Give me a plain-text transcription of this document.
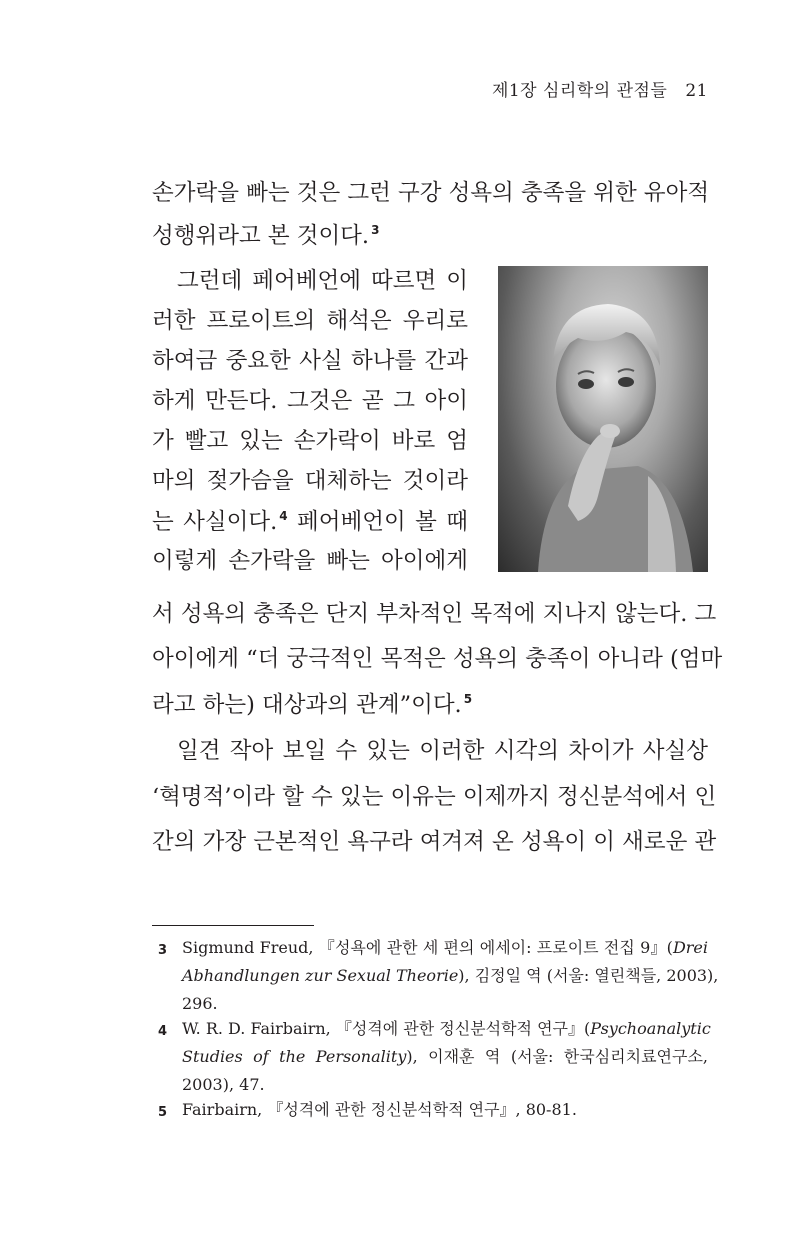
제1장 심리학의 관점들 21
손가락을 빠는 것은 그런 구강 성욕의 충족을 위한 유아적
성행위라고 본 것이다. $^3$
그런데 페어베언에 따르면 이
러한 프로이트의 해석은 우리로
하여금 중요한 사실 하나를 간과
하게 만든다. 그것은 곧 그 아이
가 빨고 있는 손가락이 바로 엄
마의 젖가슴을 대체하는 것이라
는 사실이다. $^4$ 페어베언이 볼 때
이렇게 손가락을 빠는 아이에게
서 성욕의 충족은 단지 부차적인 목적에 지나지 않는다. 그
아이에게 “더 궁극적인 목적은 성욕의 충족이 아니라 (엄마
라고 하는) 대상과의 관계”이다. $^5$
일견 작아 보일 수 있는 이러한 시각의 차이가 사실상
‘혁명적’이라 할 수 있는 이유는 이제까지 정신분석에서 인
간의 가장 근본적인 욕구라 여겨져 온 성욕이 이 새로운 관
3 Sigmund Freud, 『성욕에 관한 세 편의 에세이: 프로이트 전집 9』(Drei
Abhandlungen zur Sexual Theorie), 김정일 역 (서울: 열린책들, 2003),
296.
4 W. R. D. Fairbairn, 『성격에 관한 정신분석학적 연구』(Psychoanalytic
Studies of the Personality), 이재훈 역 (서울: 한국심리치료연구소,
2003), 47.
5 Fairbairn, 『성격에 관한 정신분석학적 연구』, 80-81.
